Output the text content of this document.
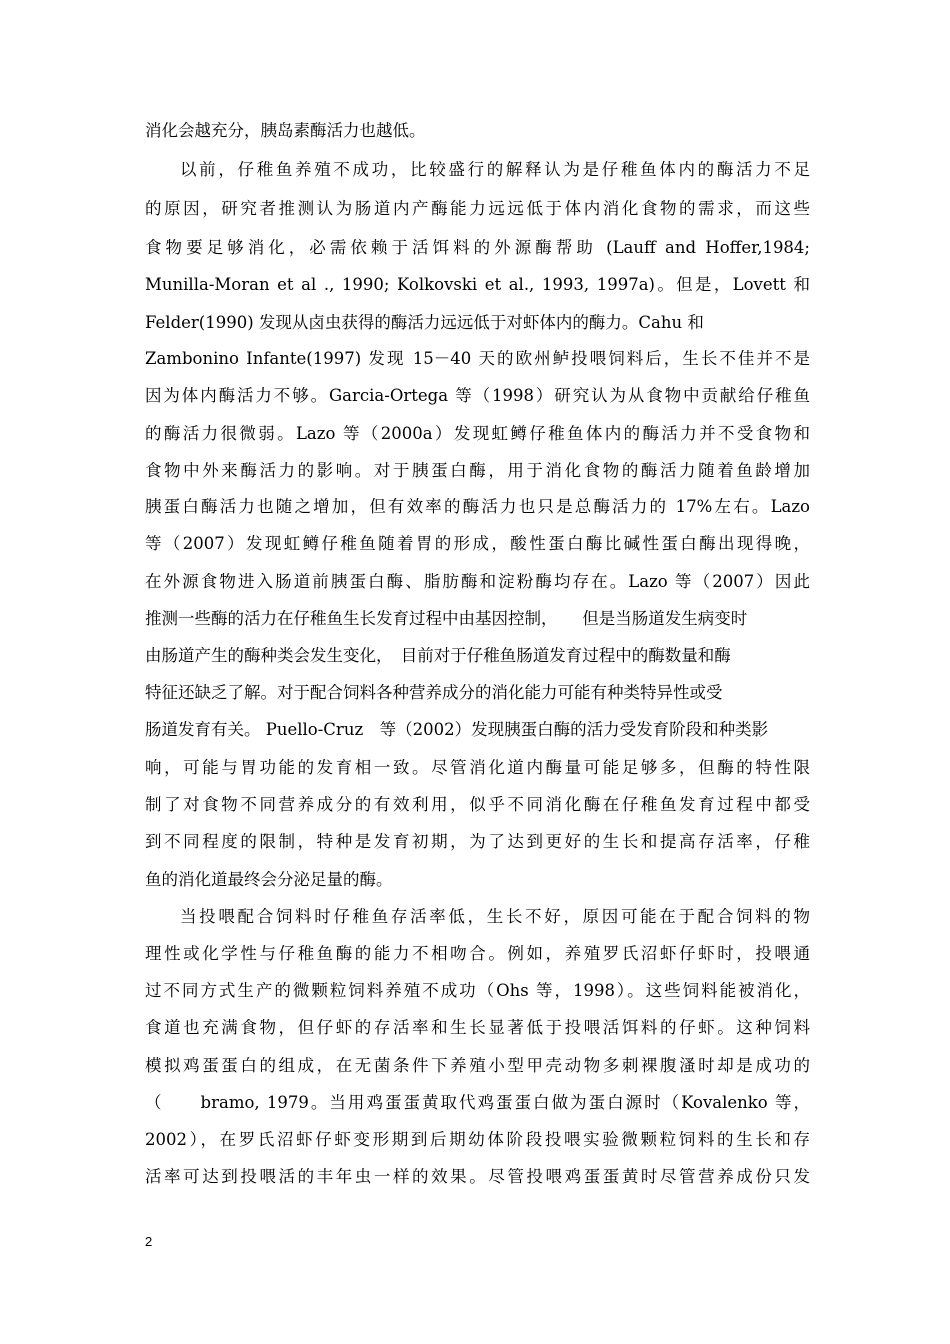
消化会越充分，胰岛素酶活力也越低。
以前，仔稚鱼养殖不成功，比较盛行的解释认为是仔稚鱼体内的酶活力不足
的原因，研究者推测认为肠道内产酶能力远远低于体内消化食物的需求，而这些
食物要足够消化，必需依赖于活饵料的外源酶帮助 (Lauff and Hoffer,1984;
Munilla-Moran et al ., 1990; Kolkovski et al., 1993, 1997a)。但是，Lovett 和
Felder(1990) 发现从卤虫获得的酶活力远远低于对虾体内的酶力。Cahu 和
Zambonino Infante(1997) 发现 15－40 天的欧州鲈投喂饲料后，生长不佳并不是
因为体内酶活力不够。Garcia-Ortega 等（1998）研究认为从食物中贡献给仔稚鱼
的酶活力很微弱。Lazo 等（2000a）发现虹鳟仔稚鱼体内的酶活力并不受食物和
食物中外来酶活力的影响。对于胰蛋白酶，用于消化食物的酶活力随着鱼龄增加
胰蛋白酶活力也随之增加，但有效率的酶活力也只是总酶活力的 17%左右。Lazo
等（2007）发现虹鳟仔稚鱼随着胃的形成，酸性蛋白酶比碱性蛋白酶出现得晚，
在外源食物进入肠道前胰蛋白酶、脂肪酶和淀粉酶均存在。Lazo 等（2007）因此
推测一些酶的活力在仔稚鱼生长发育过程中由基因控制，　　但是当肠道发生病变时
由肠道产生的酶种类会发生变化，　目前对于仔稚鱼肠道发育过程中的酶数量和酶
特征还缺乏了解。对于配合饲料各种营养成分的消化能力可能有种类特异性或受
肠道发育有关。 Puello-Cruz　等（2002）发现胰蛋白酶的活力受发育阶段和种类影
响，可能与胃功能的发育相一致。尽管消化道内酶量可能足够多，但酶的特性限
制了对食物不同营养成分的有效利用，似乎不同消化酶在仔稚鱼发育过程中都受
到不同程度的限制，特种是发育初期，为了达到更好的生长和提高存活率，仔稚
鱼的消化道最终会分泌足量的酶。
当投喂配合饲料时仔稚鱼存活率低，生长不好，原因可能在于配合饲料的物
理性或化学性与仔稚鱼酶的能力不相吻合。例如，养殖罗氏沼虾仔虾时，投喂通
过不同方式生产的微颗粒饲料养殖不成功（Ohs 等，1998）。这些饲料能被消化，
食道也充满食物，但仔虾的存活率和生长显著低于投喂活饵料的仔虾。这种饲料
模拟鸡蛋蛋白的组成，在无菌条件下养殖小型甲壳动物多刺裸腹溞时却是成功的
（　　bramo, 1979。当用鸡蛋蛋黄取代鸡蛋蛋白做为蛋白源时（Kovalenko 等，
2002），在罗氏沼虾仔虾变形期到后期幼体阶段投喂实验微颗粒饲料的生长和存
活率可达到投喂活的丰年虫一样的效果。尽管投喂鸡蛋蛋黄时尽管营养成份只发
2
